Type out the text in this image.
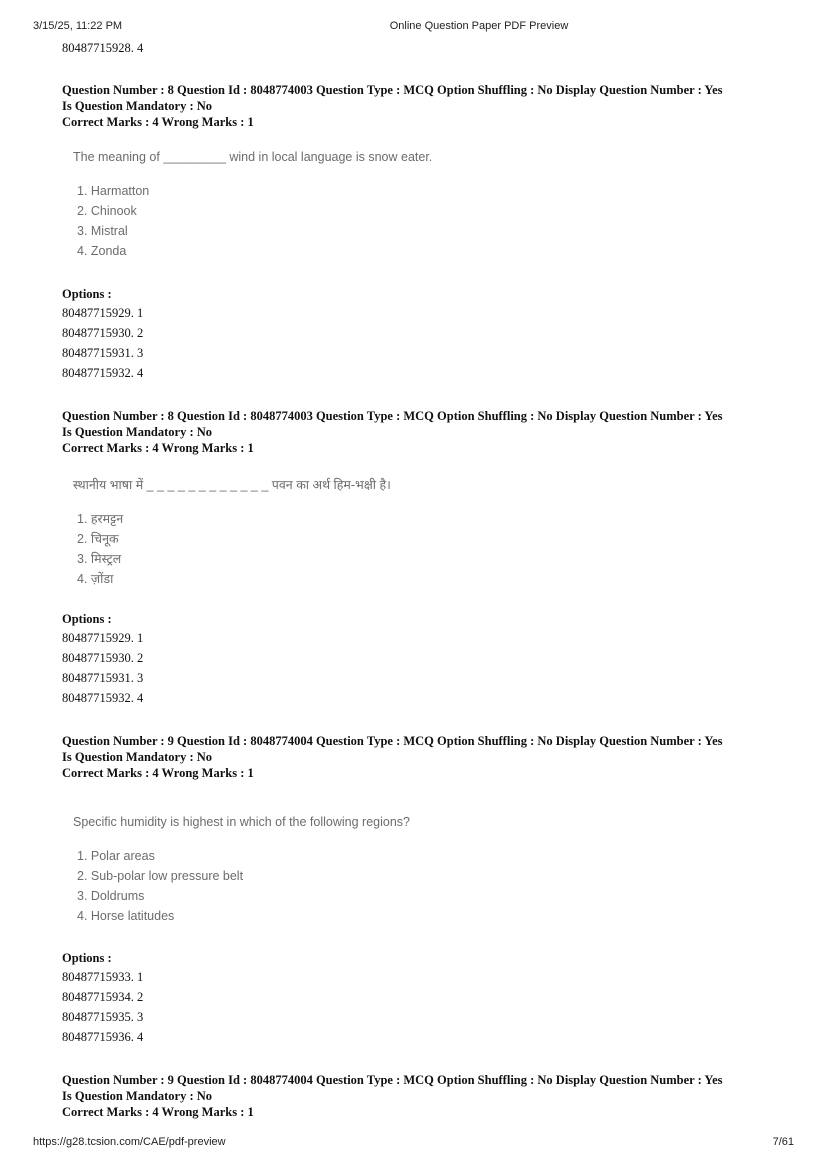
3/15/25, 11:22 PM	Online Question Paper PDF Preview
80487715928. 4

Question Number : 8 Question Id : 8048774003 Question Type : MCQ Option Shuffling : No Display Question Number : Yes

Is Question Mandatory : No

Correct Marks : 4 Wrong Marks : 1

The meaning of _________ wind in local language is snow eater.
1. Harmatton
2. Chinook
3. Mistral
4. Zonda
Options :
80487715929. 1
80487715930. 2
80487715931. 3
80487715932. 4

Question Number : 8 Question Id : 8048774003 Question Type : MCQ Option Shuffling : No Display Question Number : Yes

Is Question Mandatory : No

Correct Marks : 4 Wrong Marks : 1

स्थानीय भाषा में _ _ _ _ _ _ _ _ _ _ _ _ पवन का अर्थ हिम-भक्षी है।
1. हरमट्टन
2. चिनूक
3. मिस्ट्रल
4. ज़ोंडा
Options :
80487715929. 1
80487715930. 2
80487715931. 3
80487715932. 4

Question Number : 9 Question Id : 8048774004 Question Type : MCQ Option Shuffling : No Display Question Number : Yes

Is Question Mandatory : No

Correct Marks : 4 Wrong Marks : 1

Specific humidity is highest in which of the following regions?
1. Polar areas
2. Sub-polar low pressure belt
3. Doldrums
4. Horse latitudes
Options :
80487715933. 1
80487715934. 2
80487715935. 3
80487715936. 4

Question Number : 9 Question Id : 8048774004 Question Type : MCQ Option Shuffling : No Display Question Number : Yes

Is Question Mandatory : No

Correct Marks : 4 Wrong Marks : 1

https://g28.tcsion.com/CAE/pdf-preview	7/61
